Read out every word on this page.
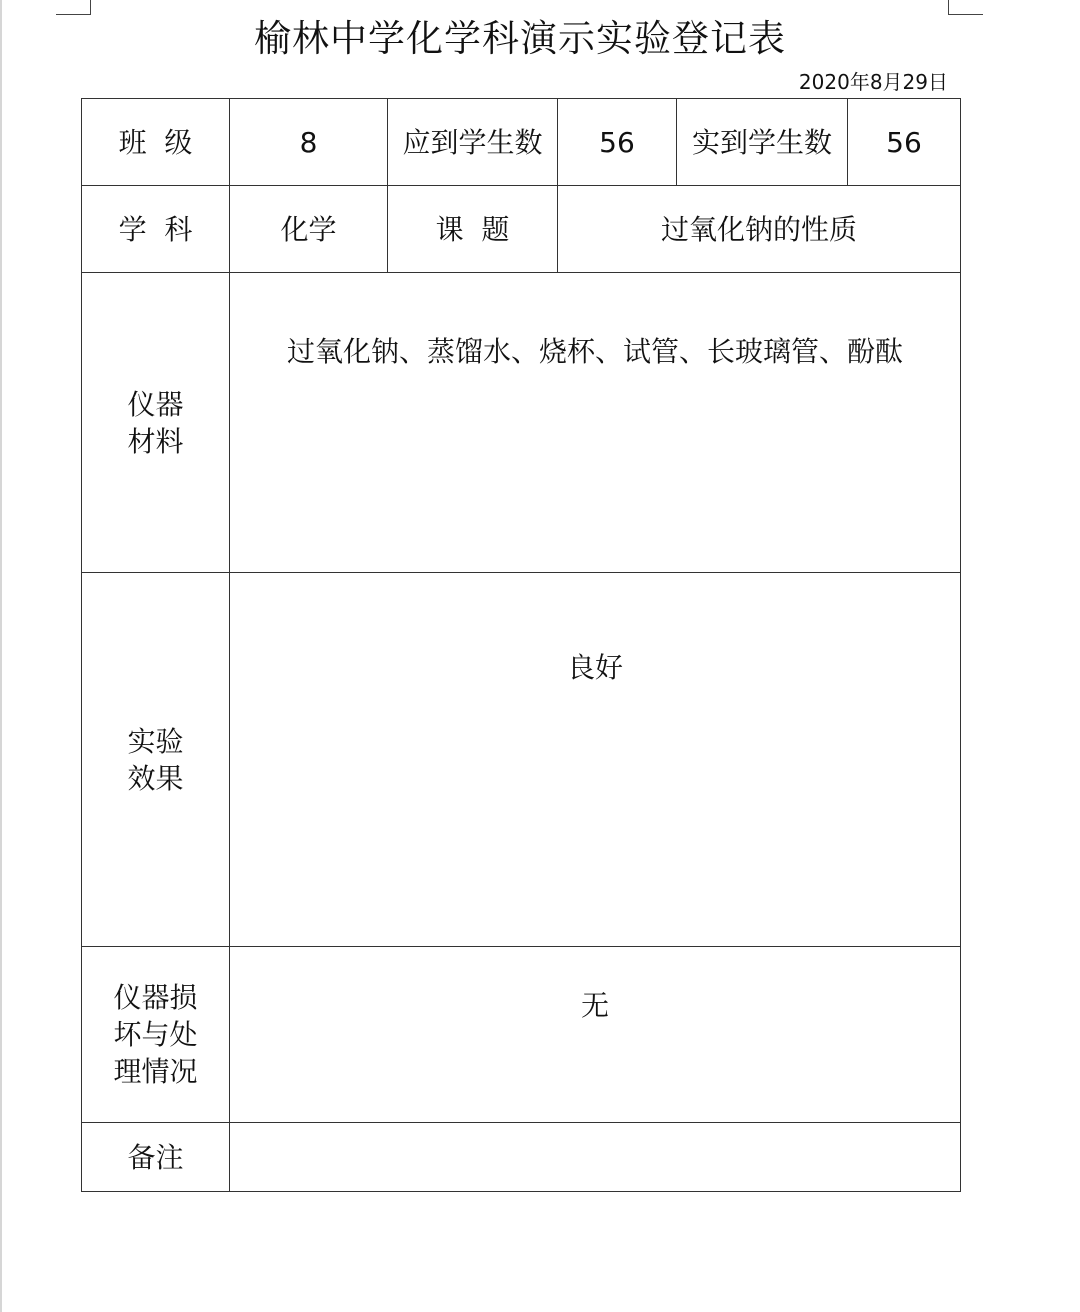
榆林中学化学科演示实验登记表
2020年8月29日
班  级	8	应到学生数	56	实到学生数	56
学  科	化学	课  题	过氧化钠的性质		
仪器
材料	过氧化钠、蒸馏水、烧杯、试管、长玻璃管、酚酞				

实验
效果	良好				

仪器损
坏与处
理情况	无				

备注					
